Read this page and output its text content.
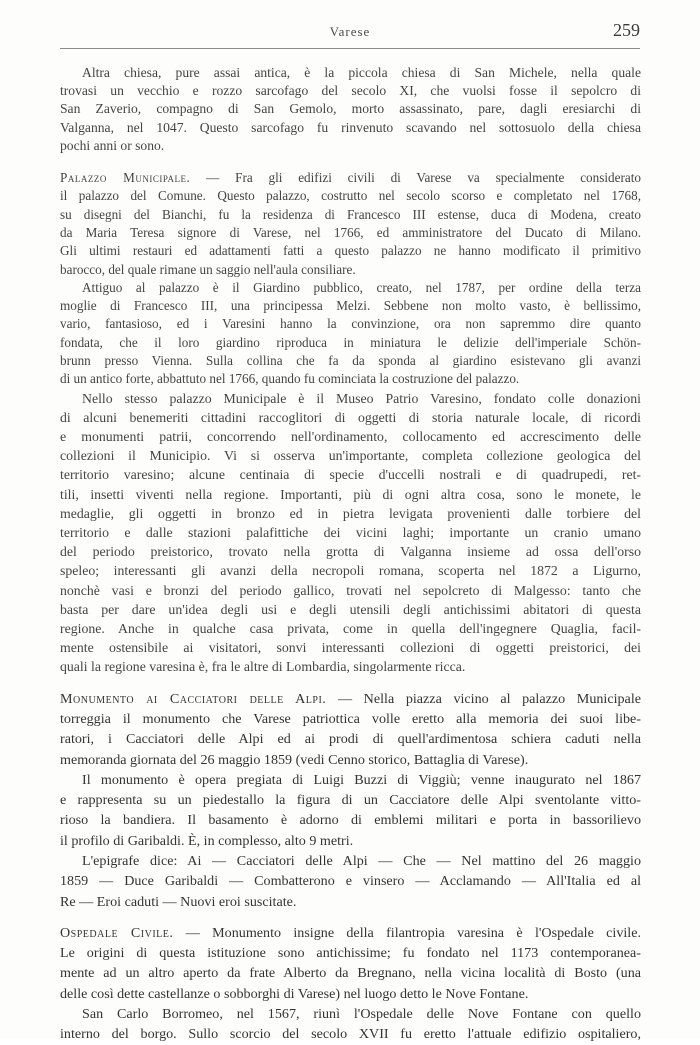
Varese	259
Altra chiesa, pure assai antica, è la piccola chiesa di San Michele, nella quale
trovasi un vecchio e rozzo sarcofago del secolo XI, che vuolsi fosse il sepolcro di
San Zaverio, compagno di San Gemolo, morto assassinato, pare, dagli eresiarchi di
Valganna, nel 1047. Questo sarcofago fu rinvenuto scavando nel sottosuolo della chiesa
pochi anni or sono.
Palazzo Municipale. — Fra gli edifizi civili di Varese va specialmente considerato
il palazzo del Comune. Questo palazzo, costrutto nel secolo scorso e completato nel 1768,
su disegni del Bianchi, fu la residenza di Francesco III estense, duca di Modena, creato
da Maria Teresa signore di Varese, nel 1766, ed amministratore del Ducato di Milano.
Gli ultimi restauri ed adattamenti fatti a questo palazzo ne hanno modificato il primitivo
barocco, del quale rimane un saggio nell'aula consiliare.
Attiguo al palazzo è il Giardino pubblico, creato, nel 1787, per ordine della terza
moglie di Francesco III, una principessa Melzi. Sebbene non molto vasto, è bellissimo,
vario, fantasioso, ed i Varesini hanno la convinzione, ora non sapremmo dire quanto
fondata, che il loro giardino riproduca in miniatura le delizie dell'imperiale Schön-
brunn presso Vienna. Sulla collina che fa da sponda al giardino esistevano gli avanzi
di un antico forte, abbattuto nel 1766, quando fu cominciata la costruzione del palazzo.
Nello stesso palazzo Municipale è il Museo Patrio Varesino, fondato colle donazioni
di alcuni benemeriti cittadini raccoglitori di oggetti di storia naturale locale, di ricordi
e monumenti patrii, concorrendo nell'ordinamento, collocamento ed accrescimento delle
collezioni il Municipio. Vi si osserva un'importante, completa collezione geologica del
territorio varesino; alcune centinaia di specie d'uccelli nostrali e di quadrupedi, ret-
tili, insetti viventi nella regione. Importanti, più di ogni altra cosa, sono le monete, le
medaglie, gli oggetti in bronzo ed in pietra levigata provenienti dalle torbiere del
territorio e dalle stazioni palafittiche dei vicini laghi; importante un cranio umano
del periodo preistorico, trovato nella grotta di Valganna insieme ad ossa dell'orso
speleo; interessanti gli avanzi della necropoli romana, scoperta nel 1872 a Ligurno,
nonchè vasi e bronzi del periodo gallico, trovati nel sepolcreto di Malgesso: tanto che
basta per dare un'idea degli usi e degli utensili degli antichissimi abitatori di questa
regione. Anche in qualche casa privata, come in quella dell'ingegnere Quaglia, facil-
mente ostensibile ai visitatori, sonvi interessanti collezioni di oggetti preistorici, dei
quali la regione varesina è, fra le altre di Lombardia, singolarmente ricca.
Monumento ai Cacciatori delle Alpi. — Nella piazza vicino al palazzo Municipale
torreggia il monumento che Varese patriottica volle eretto alla memoria dei suoi libe-
ratori, i Cacciatori delle Alpi ed ai prodi di quell'ardimentosa schiera caduti nella
memoranda giornata del 26 maggio 1859 (vedi Cenno storico, Battaglia di Varese).
Il monumento è opera pregiata di Luigi Buzzi di Viggiù; venne inaugurato nel 1867
e rappresenta su un piedestallo la figura di un Cacciatore delle Alpi sventolante vitto-
rioso la bandiera. Il basamento è adorno di emblemi militari e porta in bassorilievo
il profilo di Garibaldi. È, in complesso, alto 9 metri.
L'epigrafe dice: Ai — Cacciatori delle Alpi — Che — Nel mattino del 26 maggio
1859 — Duce Garibaldi — Combatterono e vinsero — Acclamando — All'Italia ed al
Re — Eroi caduti — Nuovi eroi suscitate.
Ospedale Civile. — Monumento insigne della filantropia varesina è l'Ospedale civile.
Le origini di questa istituzione sono antichissime; fu fondato nel 1173 contemporanea-
mente ad un altro aperto da frate Alberto da Bregnano, nella vicina località di Bosto (una
delle così dette castellanze o sobborghi di Varese) nel luogo detto le Nove Fontane.
San Carlo Borromeo, nel 1567, riunì l'Ospedale delle Nove Fontane con quello
interno del borgo. Sullo scorcio del secolo XVII fu eretto l'attuale edifizio ospitaliero,
